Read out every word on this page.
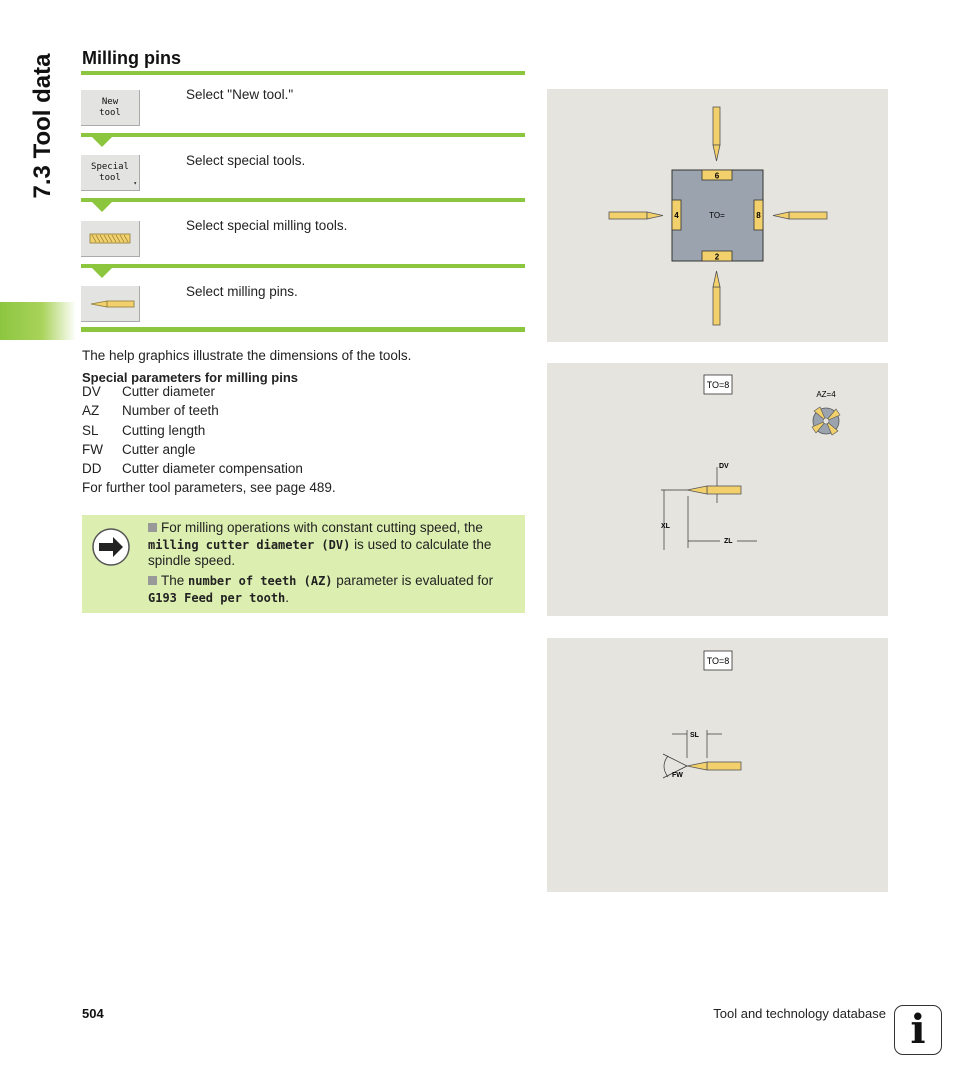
7.3 Tool data Milling pins
New
tool
Select "New tool."
Special
tool
▾
Select special tools.
Select special milling tools.
Select milling pins.
The help graphics illustrate the dimensions of the tools.
Special parameters for milling pins
DV Cutter diameter
AZ Number of teeth
SL Cutting length
FW Cutter angle
DD Cutter diameter compensation
For further tool parameters, see page 489.
For milling operations with constant cutting speed, the milling cutter diameter (DV) is used to calculate the spindle speed.
The number of teeth (AZ) parameter is evaluated for G193 Feed per tooth.
6
4	8
2
TO=
TO=8
AZ=4
DV
XL
ZL
TO=8
SL
FW
504	Tool and technology database i
